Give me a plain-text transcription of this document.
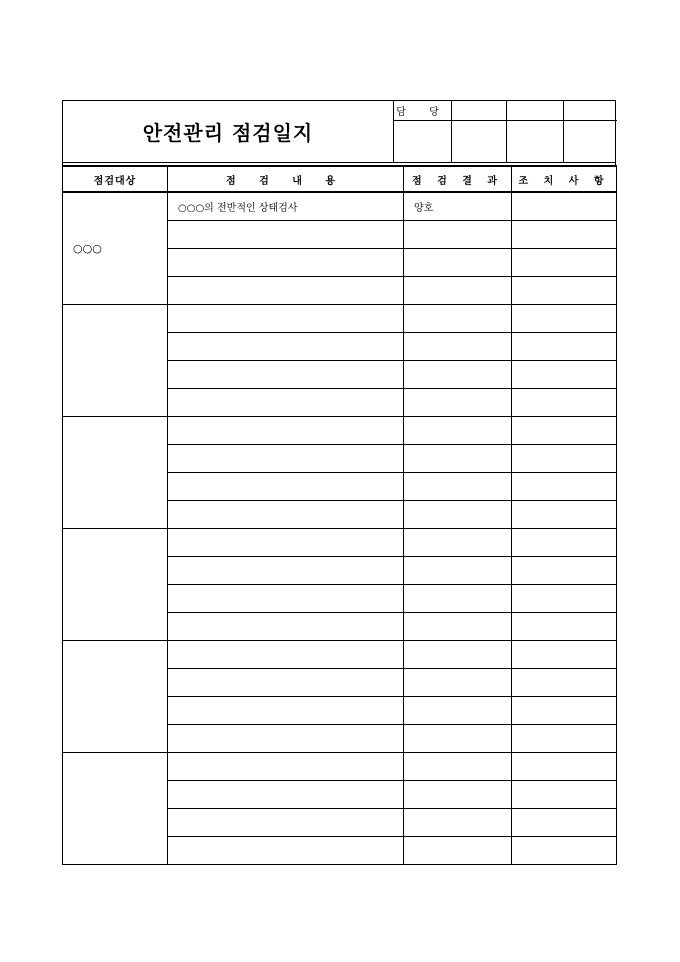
안전관리 점검일지
담 당
점검대상	점 검 내 용	점 검 결 과	조 치 사 항
○○○	○○○의 전반적인 상태검사	양호	
